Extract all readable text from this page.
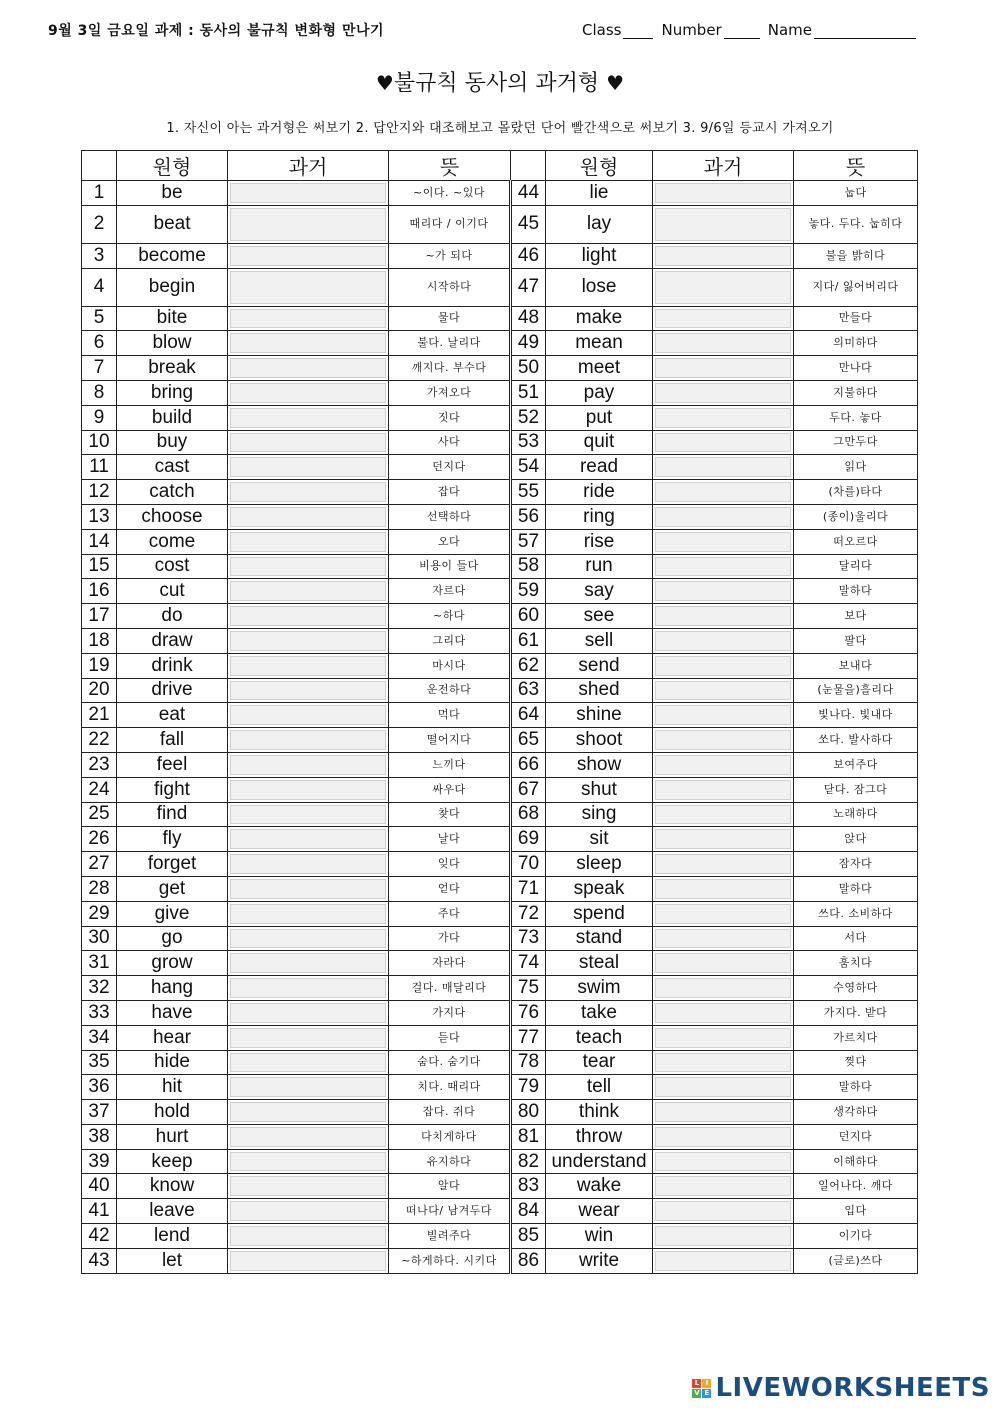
9월 3일 금요일 과제 : 동사의 불규칙 변화형 만나기	Class	Number	Name
♥불규칙 동사의 과거형 ♥
1. 자신이 아는 과거형은 써보기 2. 답안지와 대조해보고 몰랐던 단어 빨간색으로 써보기 3. 9/6일 등교시 가져오기
	원형	과거	뜻		원형	과거	뜻
1	be		~이다. ~있다	44	lie		눕다
2	beat		때리다 / 이기다	45	lay		놓다. 두다. 눕히다
3	become		~가 되다	46	light		불을 밝히다
4	begin		시작하다	47	lose		지다/ 잃어버리다
5	bite		물다	48	make		만들다
6	blow		불다. 날리다	49	mean		의미하다
7	break		깨지다. 부수다	50	meet		만나다
8	bring		가져오다	51	pay		지불하다
9	build		짓다	52	put		두다. 놓다
10	buy		사다	53	quit		그만두다
11	cast		던지다	54	read		읽다
12	catch		잡다	55	ride		(차를)타다
13	choose		선택하다	56	ring		(종이)울리다
14	come		오다	57	rise		떠오르다
15	cost		비용이 들다	58	run		달리다
16	cut		자르다	59	say		말하다
17	do		~하다	60	see		보다
18	draw		그리다	61	sell		팔다
19	drink		마시다	62	send		보내다
20	drive		운전하다	63	shed		(눈물을)흘리다
21	eat		먹다	64	shine		빛나다. 빛내다
22	fall		떨어지다	65	shoot		쏘다. 발사하다
23	feel		느끼다	66	show		보여주다
24	fight		싸우다	67	shut		닫다. 잠그다
25	find		찾다	68	sing		노래하다
26	fly		날다	69	sit		앉다
27	forget		잊다	70	sleep		잠자다
28	get		얻다	71	speak		말하다
29	give		주다	72	spend		쓰다. 소비하다
30	go		가다	73	stand		서다
31	grow		자라다	74	steal		훔치다
32	hang		걸다. 매달리다	75	swim		수영하다
33	have		가지다	76	take		가지다. 받다
34	hear		듣다	77	teach		가르치다
35	hide		숨다. 숨기다	78	tear		찢다
36	hit		치다. 때리다	79	tell		말하다
37	hold		잡다. 쥐다	80	think		생각하다
38	hurt		다치게하다	81	throw		던지다
39	keep		유지하다	82	understand		이해하다
40	know		알다	83	wake		일어나다. 깨다
41	leave		떠나다/ 남겨두다	84	wear		입다
42	lend		빌려주다	85	win		이기다
43	let		~하게하다. 시키다	86	write		(글로)쓰다
L I
V E LIVEWORKSHEETS
